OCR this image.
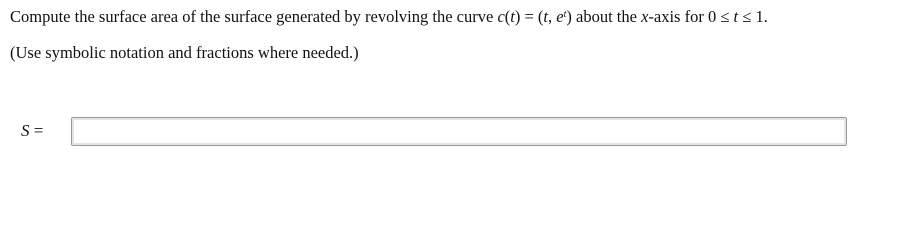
Compute the surface area of the surface generated by revolving the curve c(t) = (t, $e^t$) about the x-axis for 0 ≤ t ≤ 1.
(Use symbolic notation and fractions where needed.)
S =
